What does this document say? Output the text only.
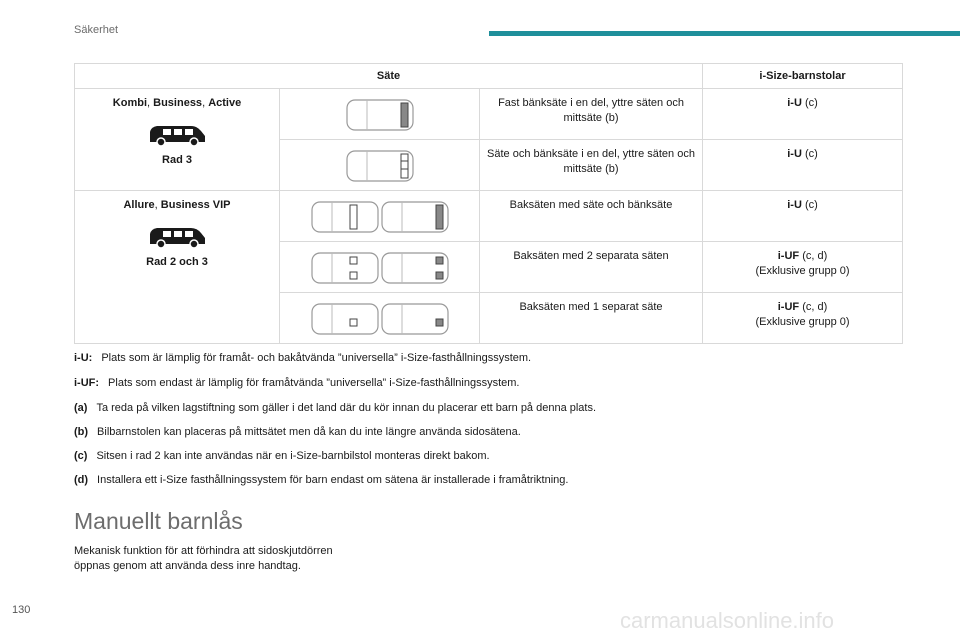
Säkerhet
Säte			i-Size-barnstolar

Kombi, Business, Active
Rad 3		Fast bänksäte i en del, yttre säten och mittsäte (b)	i-U (c)

Säte och bänksäte i en del, yttre säten och mittsäte (b)	i-U (c)

Allure, Business VIP
Rad 2 och 3		Baksäten med säte och bänksäte	i-U (c)

Baksäten med 2 separata säten	i-UF (c, d)
(Exklusive grupp 0)

Baksäten med 1 separat säte	i-UF (c, d)
(Exklusive grupp 0)
i-U: Plats som är lämplig för framåt- och bakåtvända ”universella” i-Size-fasthållningssystem.
i-UF: Plats som endast är lämplig för framåtvända ”universella” i-Size-fasthållningssystem.
(a) Ta reda på vilken lagstiftning som gäller i det land där du kör innan du placerar ett barn på denna plats.
(b) Bilbarnstolen kan placeras på mittsätet men då kan du inte längre använda sidosätena.
(c) Sitsen i rad 2 kan inte användas när en i-Size-barnbilstol monteras direkt bakom.
(d) Installera ett i-Size fasthållningssystem för barn endast om sätena är installerade i framåtriktning.
Manuellt barnlås
Mekanisk funktion för att förhindra att sidoskjutdörren öppnas genom att använda dess inre handtag.
130	carmanualsonline.info
